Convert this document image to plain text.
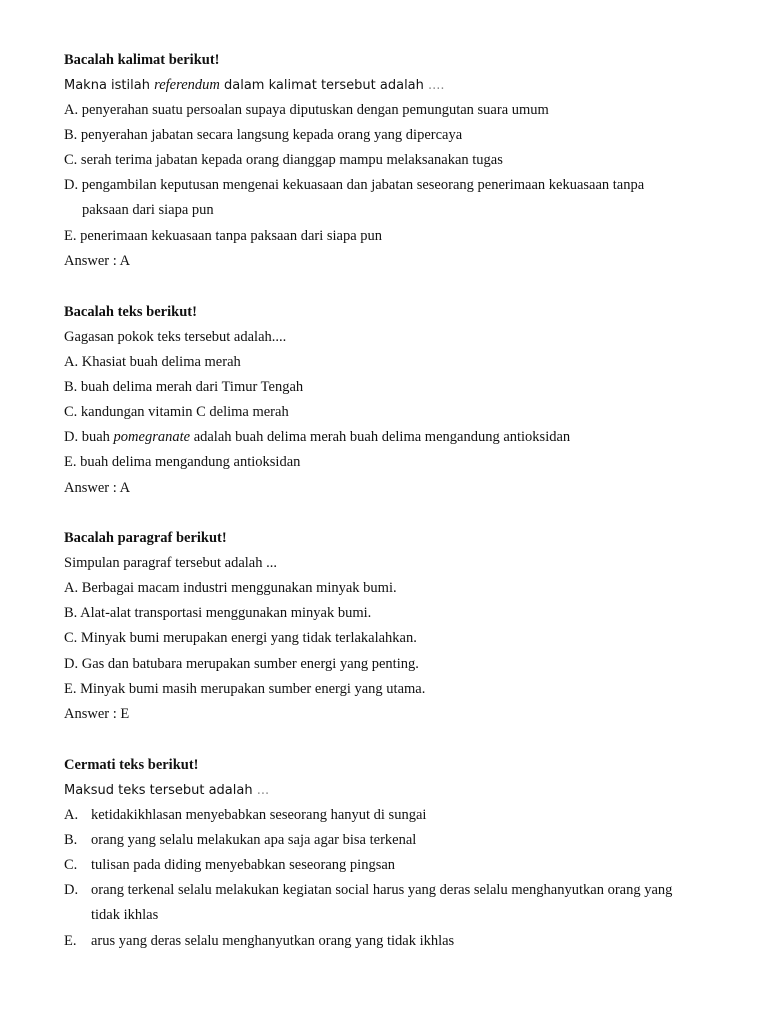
Bacalah kalimat berikut!
Makna istilah referendum dalam kalimat tersebut adalah ....
A. penyerahan suatu persoalan supaya diputuskan dengan pemungutan suara umum
B. penyerahan jabatan secara langsung kepada orang yang dipercaya
C. serah terima jabatan kepada orang dianggap mampu melaksanakan tugas
D. pengambilan keputusan mengenai kekuasaan dan jabatan seseorang penerimaan kekuasaan tanpa
paksaan dari siapa pun
E. penerimaan kekuasaan tanpa paksaan dari siapa pun
Answer : A
Bacalah teks berikut!
Gagasan pokok teks tersebut adalah....
A. Khasiat buah delima merah
B. buah delima merah dari Timur Tengah
C. kandungan vitamin C delima merah
D. buah pomegranate adalah buah delima merah buah delima mengandung antioksidan
E. buah delima mengandung antioksidan
Answer : A
Bacalah paragraf berikut!
Simpulan paragraf tersebut adalah ...
A. Berbagai macam industri menggunakan minyak bumi.
B. Alat-alat transportasi menggunakan minyak bumi.
C. Minyak bumi merupakan energi yang tidak terlakalahkan.
D. Gas dan batubara merupakan sumber energi yang penting.
E. Minyak bumi masih merupakan sumber energi yang utama.
Answer : E
Cermati teks berikut!
Maksud teks tersebut adalah ...
A. ketidakikhlasan menyebabkan seseorang hanyut di sungai
B. orang yang selalu melakukan apa saja agar bisa terkenal
C. tulisan pada diding menyebabkan seseorang pingsan
D. orang terkenal selalu melakukan kegiatan social harus yang deras selalu menghanyutkan orang yang
tidak ikhlas
E. arus yang deras selalu menghanyutkan orang yang tidak ikhlas
